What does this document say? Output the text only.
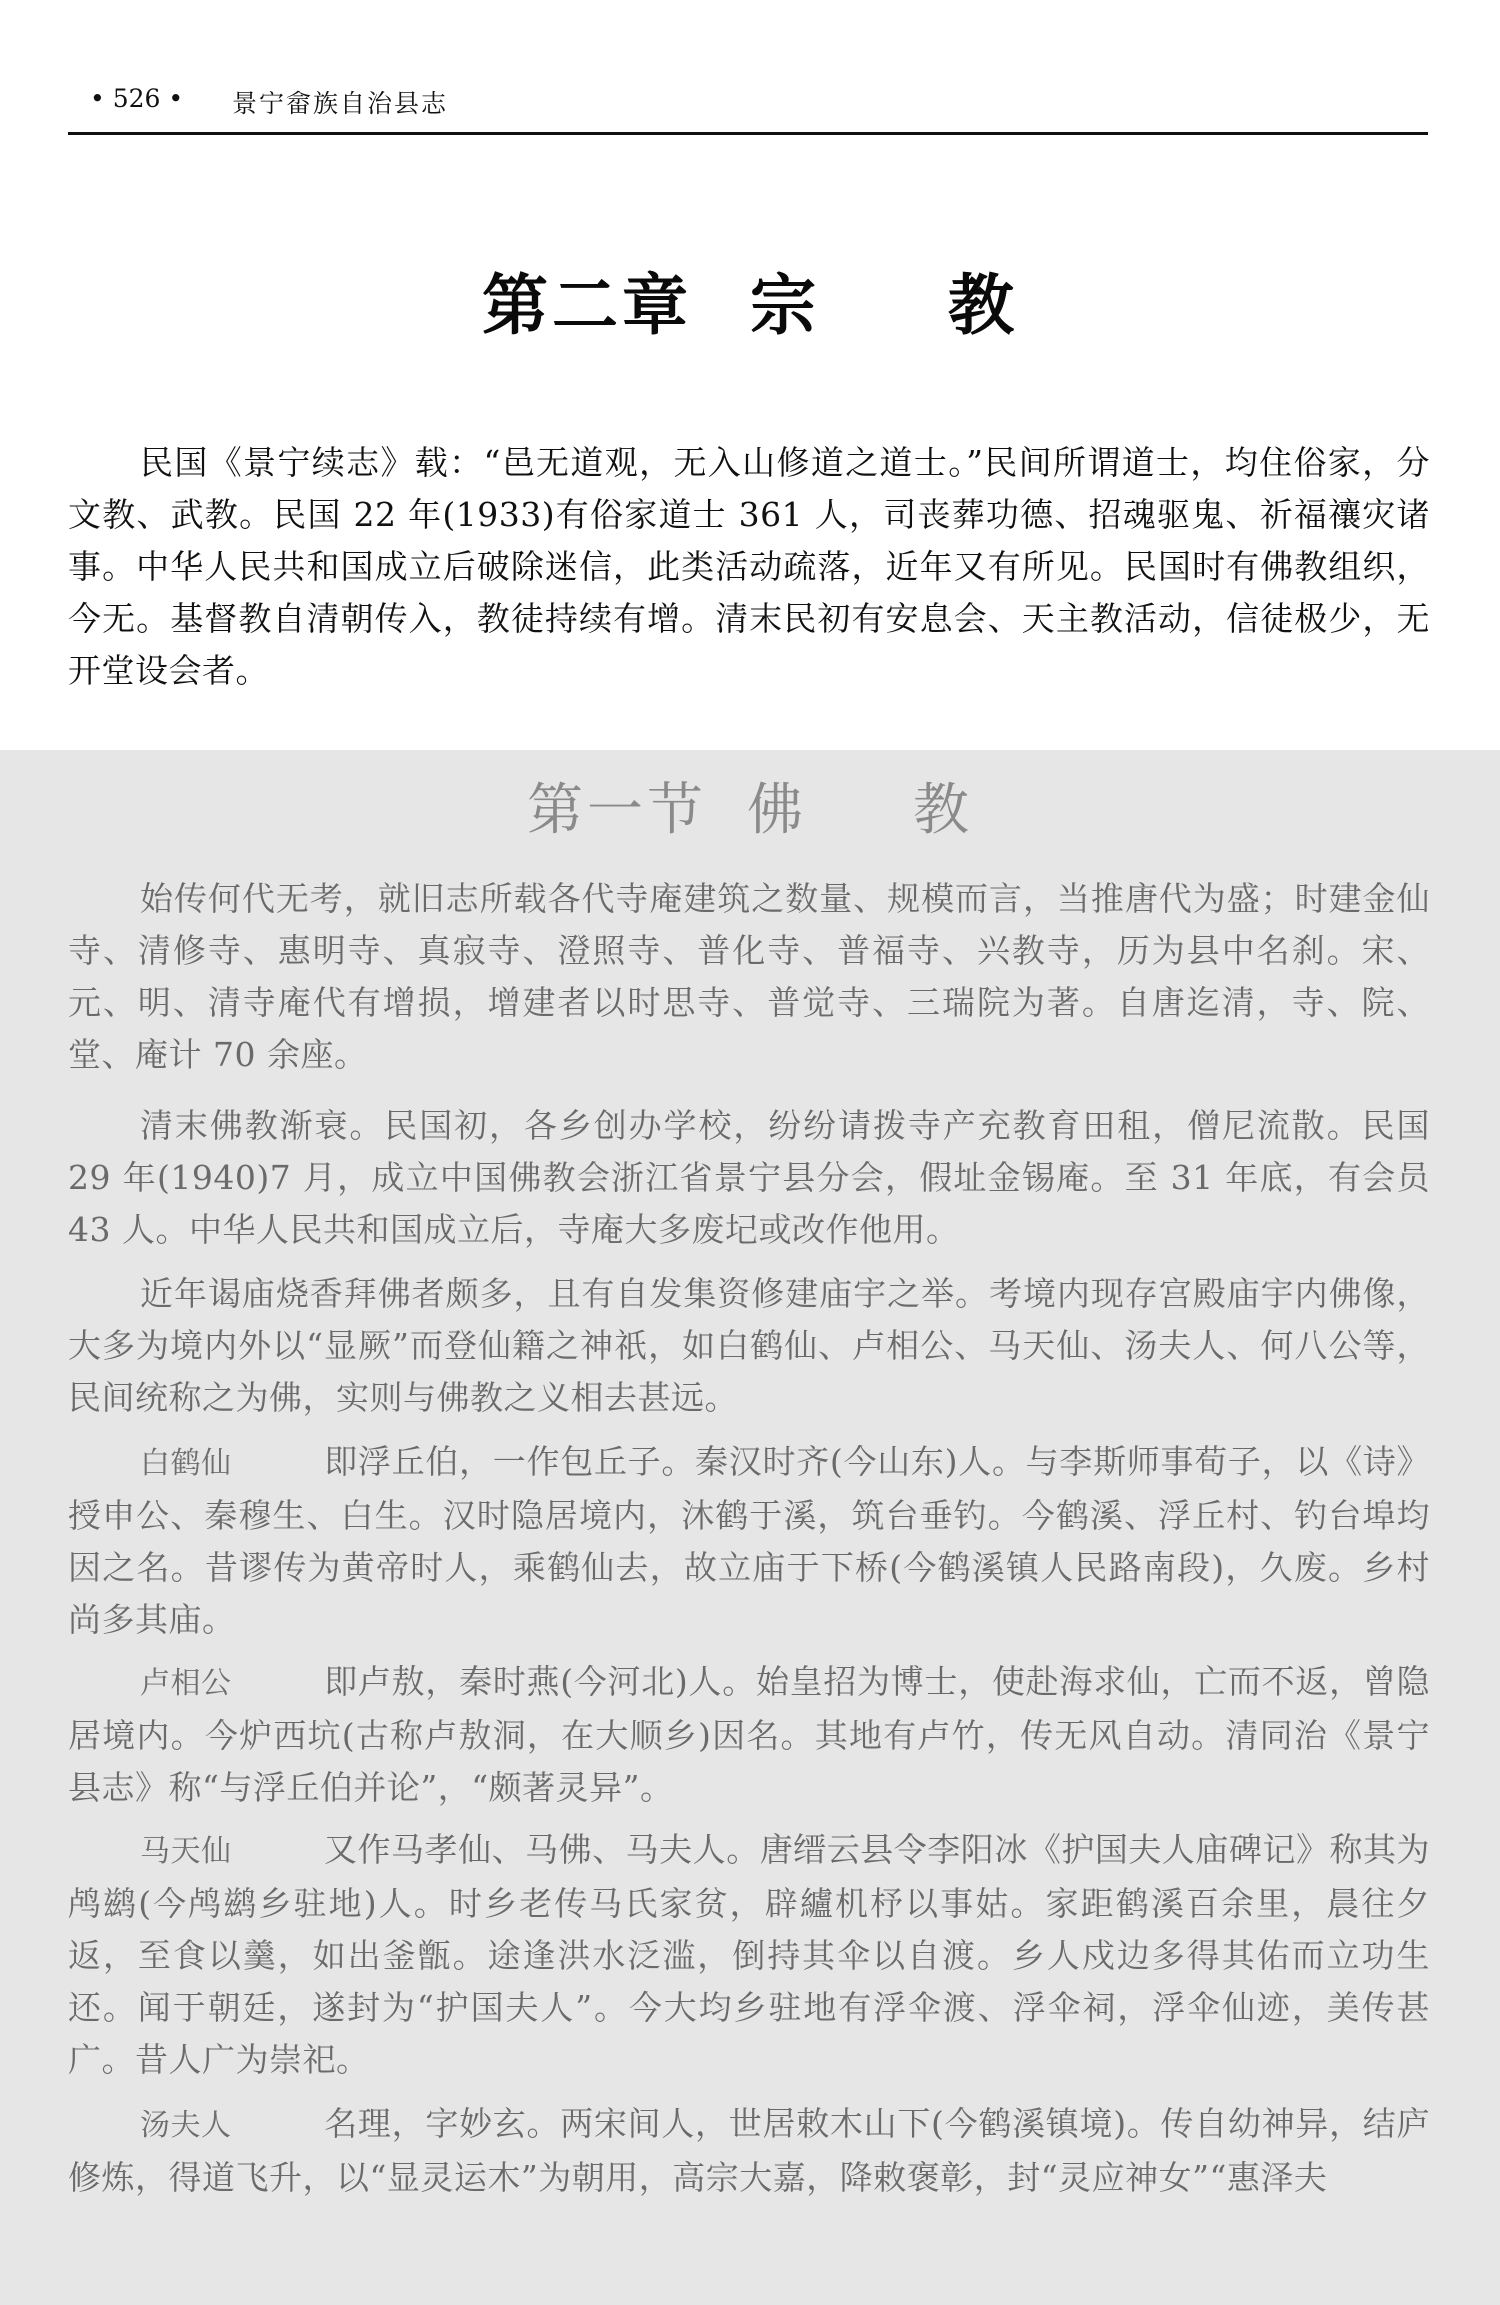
• 526 • 景宁畲族自治县志
第二章 宗 教

民国《景宁续志》载：“邑无道观，无入山修道之道士。”民间所谓道士，均住俗家，分文教、武教。民国 22 年(1933)有俗家道士 361 人，司丧葬功德、招魂驱鬼、祈福禳灾诸事。中华人民共和国成立后破除迷信，此类活动疏落，近年又有所见。民国时有佛教组织，今无。基督教自清朝传入，教徒持续有增。清末民初有安息会、天主教活动，信徒极少，无开堂设会者。

第一节 佛 教

始传何代无考，就旧志所载各代寺庵建筑之数量、规模而言，当推唐代为盛；时建金仙寺、清修寺、惠明寺、真寂寺、澄照寺、普化寺、普福寺、兴教寺，历为县中名刹。宋、元、明、清寺庵代有增损，增建者以时思寺、普觉寺、三瑞院为著。自唐迄清，寺、院、堂、庵计 70 余座。

清末佛教渐衰。民国初，各乡创办学校，纷纷请拨寺产充教育田租，僧尼流散。民国 29 年(1940)7 月，成立中国佛教会浙江省景宁县分会，假址金锡庵。至 31 年底，有会员 43 人。中华人民共和国成立后，寺庵大多废圮或改作他用。

近年谒庙烧香拜佛者颇多，且有自发集资修建庙宇之举。考境内现存宫殿庙宇内佛像，大多为境内外以“显厥”而登仙籍之神祇，如白鹤仙、卢相公、马天仙、汤夫人、何八公等，民间统称之为佛，实则与佛教之义相去甚远。

白鹤仙	即浮丘伯，一作包丘子。秦汉时齐(今山东)人。与李斯师事荀子，以《诗》授申公、秦穆生、白生。汉时隐居境内，沐鹤于溪，筑台垂钓。今鹤溪、浮丘村、钓台埠均因之名。昔谬传为黄帝时人，乘鹤仙去，故立庙于下桥(今鹤溪镇人民路南段)，久废。乡村尚多其庙。

卢相公	即卢敖，秦时燕(今河北)人。始皇招为博士，使赴海求仙，亡而不返，曾隐居境内。今炉西坑(古称卢敖洞，在大顺乡)因名。其地有卢竹，传无风自动。清同治《景宁县志》称“与浮丘伯并论”，“颇著灵异”。

马天仙	又作马孝仙、马佛、马夫人。唐缙云县令李阳冰《护国夫人庙碑记》称其为鸬鹚(今鸬鹚乡驻地)人。时乡老传马氏家贫，辟纑机杼以事姑。家距鹤溪百余里，晨往夕返，至食以羹，如出釜甑。途逢洪水泛滥，倒持其伞以自渡。乡人戍边多得其佑而立功生还。闻于朝廷，遂封为“护国夫人”。今大均乡驻地有浮伞渡、浮伞祠，浮伞仙迹，美传甚广。昔人广为崇祀。

汤夫人	名理，字妙玄。两宋间人，世居敕木山下(今鹤溪镇境)。传自幼神异，结庐修炼，得道飞升，以“显灵运木”为朝用，高宗大嘉，降敕褒彰，封“灵应神女”“惠泽夫
